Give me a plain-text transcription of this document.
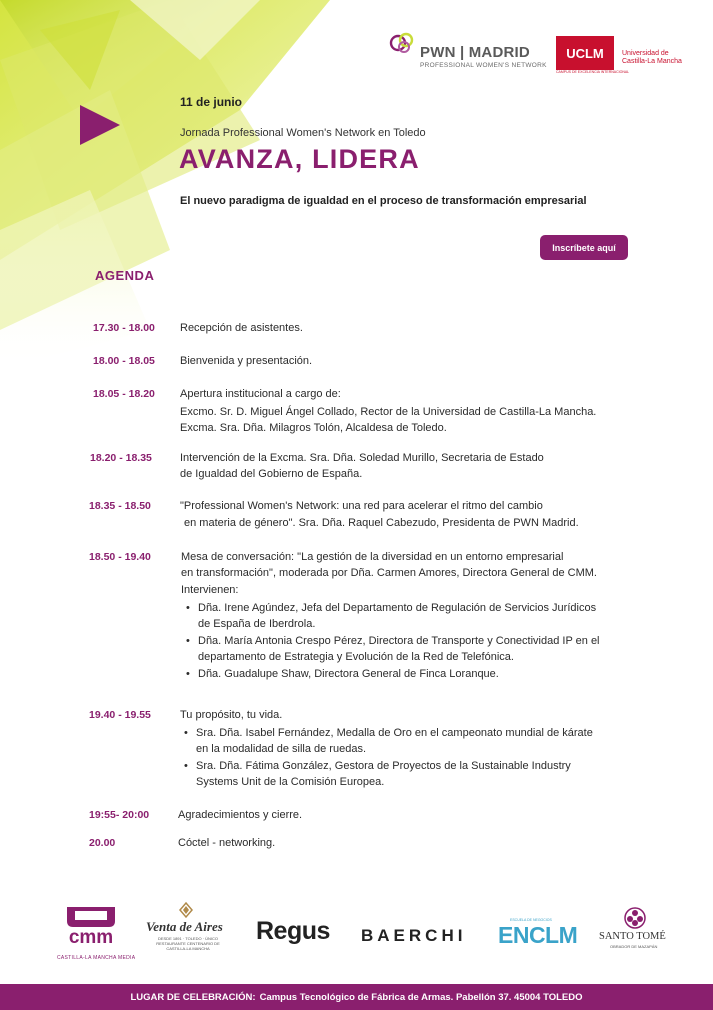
PWN | MADRID
PROFESSIONAL WOMEN'S NETWORK
UCLM
CAMPUS DE EXCELENCIA INTERNACIONAL
Universidad de
Castilla-La Mancha
11 de junio
Jornada Professional Women's Network en Toledo
AVANZA, LIDERA
El nuevo paradigma de igualdad en el proceso de transformación empresarial
Inscríbete aquí
AGENDA
17.30 - 18.00
18.00 - 18.05
18.05 - 18.20
18.20 - 18.35
18.35 - 18.50
18.50 - 19.40
19.40 - 19.55
19:55- 20:00
20.00
Recepción de asistentes.
Bienvenida y presentación.
Apertura institucional a cargo de:
Excmo. Sr. D. Miguel Ángel Collado, Rector de la Universidad de Castilla-La Mancha.
Excma. Sra. Dña. Milagros Tolón, Alcaldesa de Toledo.
Intervención de la Excma. Sra. Dña. Soledad Murillo, Secretaria de Estado
de Igualdad del Gobierno de España.
"Professional Women's Network: una red para acelerar el ritmo del cambio
en materia de género". Sra. Dña. Raquel Cabezudo, Presidenta de PWN Madrid.
Mesa de conversación: "La gestión de la diversidad en un entorno empresarial
en transformación", moderada por Dña. Carmen Amores, Directora General de CMM.
Intervienen:
• Dña. Irene Agúndez, Jefa del Departamento de Regulación de Servicios Jurídicos
de España de Iberdrola.
• Dña. María Antonia Crespo Pérez, Directora de Transporte y Conectividad IP en el
departamento de Estrategia y Evolución de la Red de Telefónica.
• Dña. Guadalupe Shaw, Directora General de Finca Loranque.
Tu propósito, tu vida.
• Sra. Dña. Isabel Fernández, Medalla de Oro en el campeonato mundial de kárate
en la modalidad de silla de ruedas.
• Sra. Dña. Fátima González, Gestora de Proyectos de la Sustainable Industry
Systems Unit de la Comisión Europea.
Agradecimientos y cierre.
Cóctel - networking.
cmm
CASTILLA-LA MANCHA MEDIA
Venta de Aires
DESDE 1891 · TOLEDO · ÚNICO RESTAURANTE CENTENARIO DE CASTILLA-LA MANCHA
Regus BAERCHI
ESCUELA DE NEGOCIOS
ENCLM SANTO TOMÉ
OBRADOR DE MAZAPÁN
LUGAR DE CELEBRACIÓN: Campus Tecnológico de Fábrica de Armas. Pabellón 37. 45004 TOLEDO
